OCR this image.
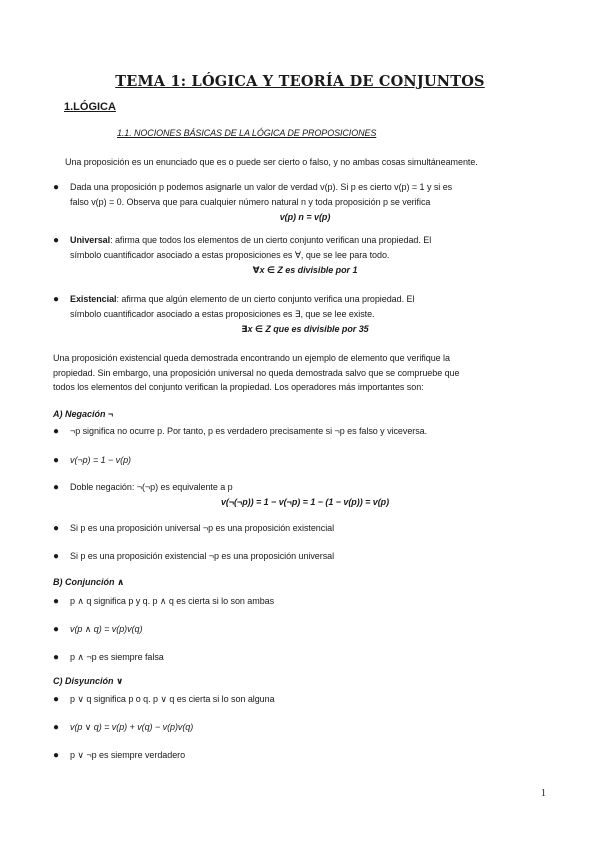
TEMA 1: LÓGICA Y TEORÍA DE CONJUNTOS
1.LÓGICA
1.1. NOCIONES BÁSICAS DE LA LÓGICA DE PROPOSICIONES
Una proposición es un enunciado que es o puede ser cierto o falso, y no ambas cosas simultáneamente.
● Dada una proposición p podemos asignarle un valor de verdad v(p). Si p es cierto v(p) = 1 y si es
falso v(p) = 0. Observa que para cualquier número natural n y toda proposición p se verifica
v(p) n = v(p)
● Universal: afirma que todos los elementos de un cierto conjunto verifican una propiedad. El
símbolo cuantificador asociado a estas proposiciones es ∀, que se lee para todo.
∀x ∈ Z es divisible por 1
● Existencial: afirma que algún elemento de un cierto conjunto verifica una propiedad. El
símbolo cuantificador asociado a estas proposiciones es ∃, que se lee existe.
∃x ∈ Z que es divisible por 35
Una proposición existencial queda demostrada encontrando un ejemplo de elemento que verifique la
propiedad. Sin embargo, una proposición universal no queda demostrada salvo que se compruebe que
todos los elementos del conjunto verifican la propiedad. Los operadores más importantes son:
A) Negación ¬
● ¬p significa no ocurre p. Por tanto, p es verdadero precisamente si ¬p es falso y viceversa.
● v(¬p) = 1 − v(p)
● Doble negación: ¬(¬p) es equivalente a p
v(¬(¬p)) = 1 − v(¬p) = 1 − (1 − v(p)) = v(p)
● Si p es una proposición universal ¬p es una proposición existencial
● Si p es una proposición existencial ¬p es una proposición universal
B) Conjunción ∧
● p ∧ q significa p y q. p ∧ q es cierta si lo son ambas
● v(p ∧ q) = v(p)v(q)
● p ∧ ¬p es siempre falsa
C) Disyunción ∨
● p ∨ q significa p o q. p ∨ q es cierta si lo son alguna
● v(p ∨ q) = v(p) + v(q) − v(p)v(q)
● p ∨ ¬p es siempre verdadero
1
